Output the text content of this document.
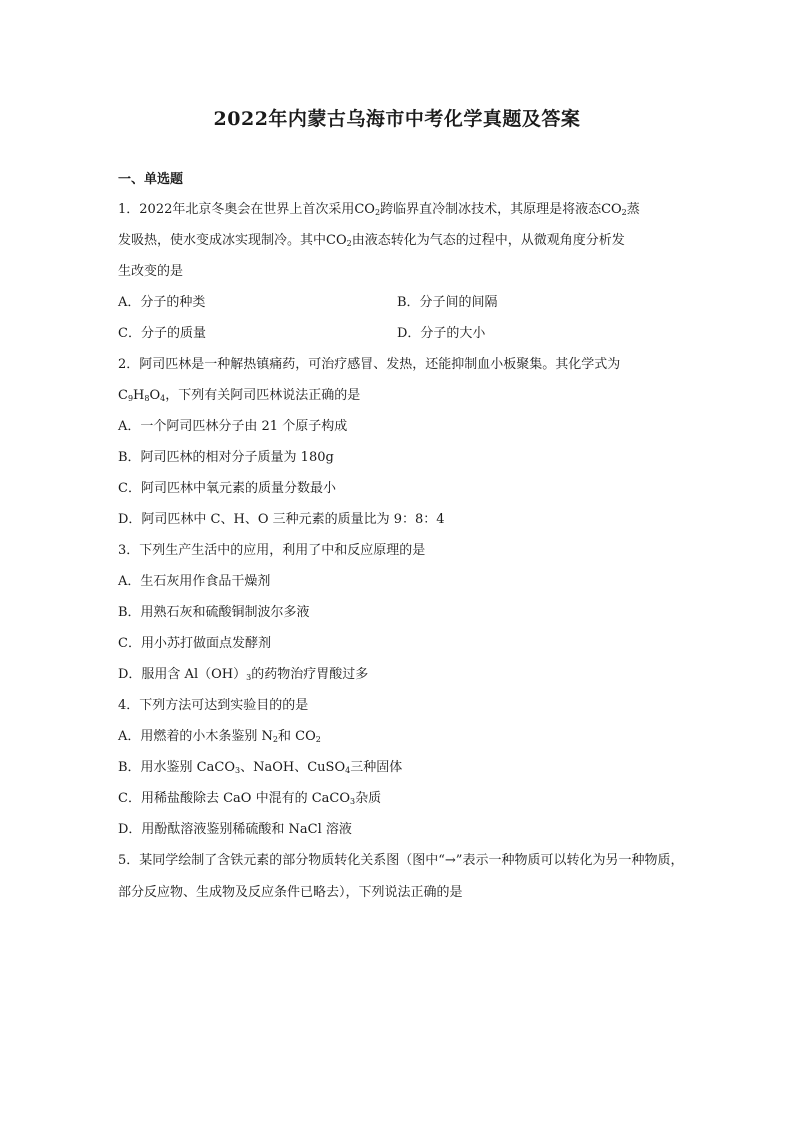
2022年内蒙古乌海市中考化学真题及答案
一、单选题
1．2022年北京冬奥会在世界上首次采用$CO_2$跨临界直冷制冰技术，其原理是将液态$CO_2$蒸
发吸热，使水变成冰实现制冷。其中$CO_2$由液态转化为气态的过程中，从微观角度分析发
生改变的是
A．分子的种类	B．分子间的间隔
C．分子的质量	D．分子的大小
2．阿司匹林是一种解热镇痛药，可治疗感冒、发热，还能抑制血小板聚集。其化学式为
$C_9H_8O_4$，下列有关阿司匹林说法正确的是
A．一个阿司匹林分子由 21 个原子构成
B．阿司匹林的相对分子质量为 180g
C．阿司匹林中氧元素的质量分数最小
D．阿司匹林中 C、H、O 三种元素的质量比为 9：8：4
3．下列生产生活中的应用，利用了中和反应原理的是
A．生石灰用作食品干燥剂
B．用熟石灰和硫酸铜制波尔多液
C．用小苏打做面点发酵剂
D．服用含 $Al(OH)_3$的药物治疗胃酸过多
4．下列方法可达到实验目的的是
A．用燃着的小木条鉴别 $N_2$和 $CO_2$
B．用水鉴别 CaCO$_3$、NaOH、CuSO$_4$三种固体
C．用稀盐酸除去 CaO 中混有的 CaCO$_3$杂质
D．用酚酞溶液鉴别稀硫酸和 NaCl 溶液
5．某同学绘制了含铁元素的部分物质转化关系图（图中“→”表示一种物质可以转化为另一种物质，部分反应物、生成物及反应条件已略去），下列说法正确的是
